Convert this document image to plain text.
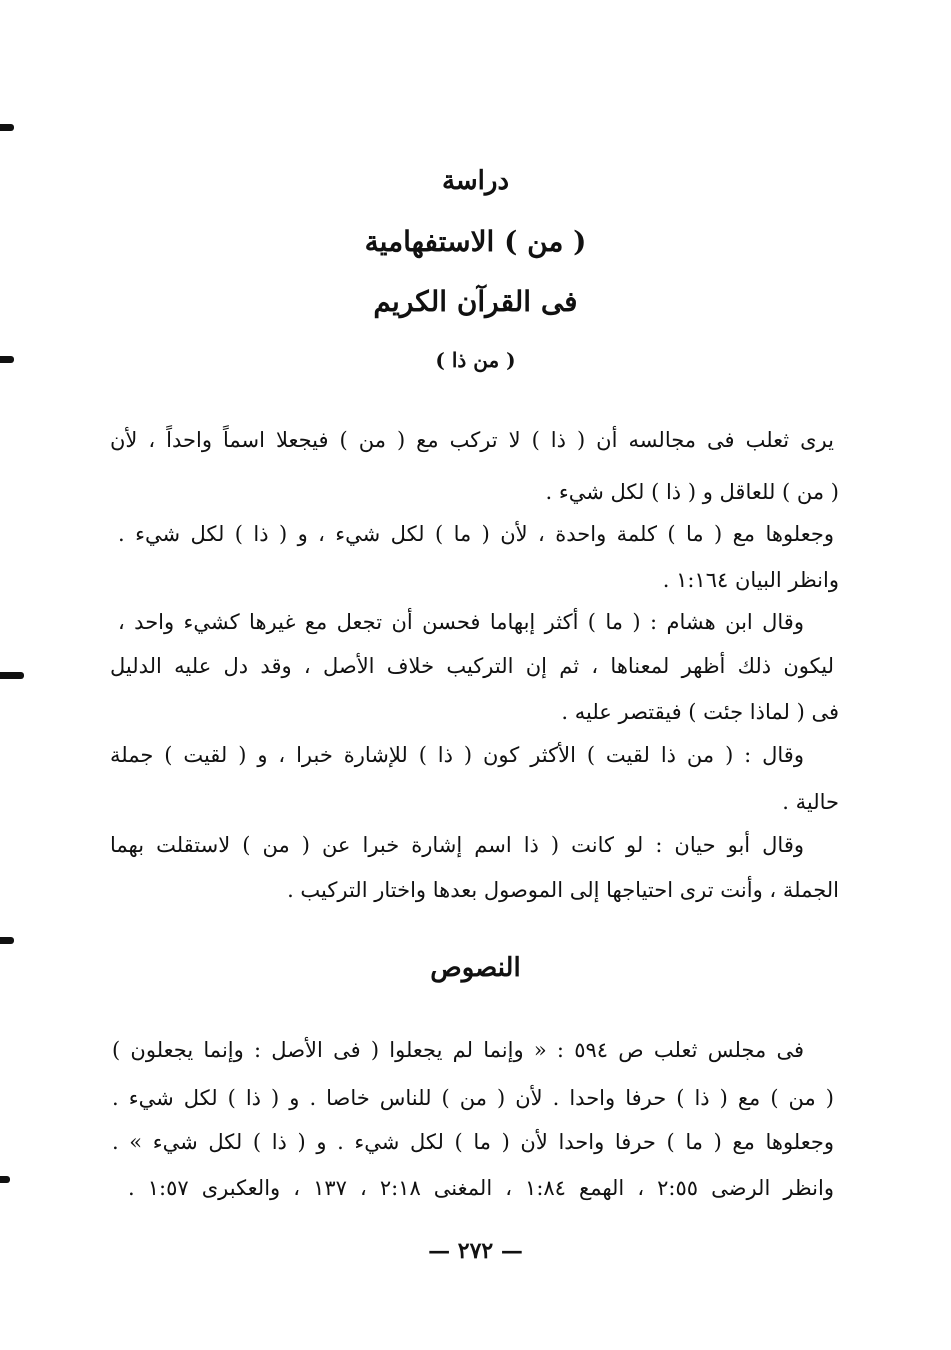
دراسة
( من ) الاستفهامية
فى القرآن الكريم
( من ذا )
يرى ثعلب فى مجالسه أن ( ذا ) لا تركب مع ( من ) فيجعلا اسماً واحداً ، لأن
( من ) للعاقل و ( ذا ) لكل شيء .
وجعلوها مع ( ما ) كلمة واحدة ، لأن ( ما ) لكل شيء ، و ( ذا ) لكل شيء .
وانظر البيان ١:١٦٤ .
وقال ابن هشام : ( ما ) أكثر إبهاما فحسن أن تجعل مع غيرها كشيء واحد ،
ليكون ذلك أظهر لمعناها ، ثم إن التركيب خلاف الأصل ، وقد دل عليه الدليل
فى ( لماذا جئت ) فيقتصر عليه .
وقال : ( من ذا لقيت ) الأكثر كون ( ذا ) للإشارة خبرا ، و ( لقيت ) جملة
حالية .
وقال أبو حيان : لو كانت ( ذا اسم إشارة خبرا عن ( من ) لاستقلت بهما
الجملة ، وأنت ترى احتياجها إلى الموصول بعدها واختار التركيب .
النصوص
فى مجلس ثعلب ص ٥٩٤ : « وإنما لم يجعلوا ( فى الأصل : وإنما يجعلون )
( من ) مع ( ذا ) حرفا واحدا . لأن ( من ) للناس خاصا . و ( ذا ) لكل شيء .
وجعلوها مع ( ما ) حرفا واحدا لأن ( ما ) لكل شيء . و ( ذا ) لكل شيء » .
وانظر الرضى ٢:٥٥ ، الهمع ١:٨٤ ، المغنى ٢:١٨ ، ١٣٧ ، والعكبرى ١:٥٧ .
— ٢٧٢ —
